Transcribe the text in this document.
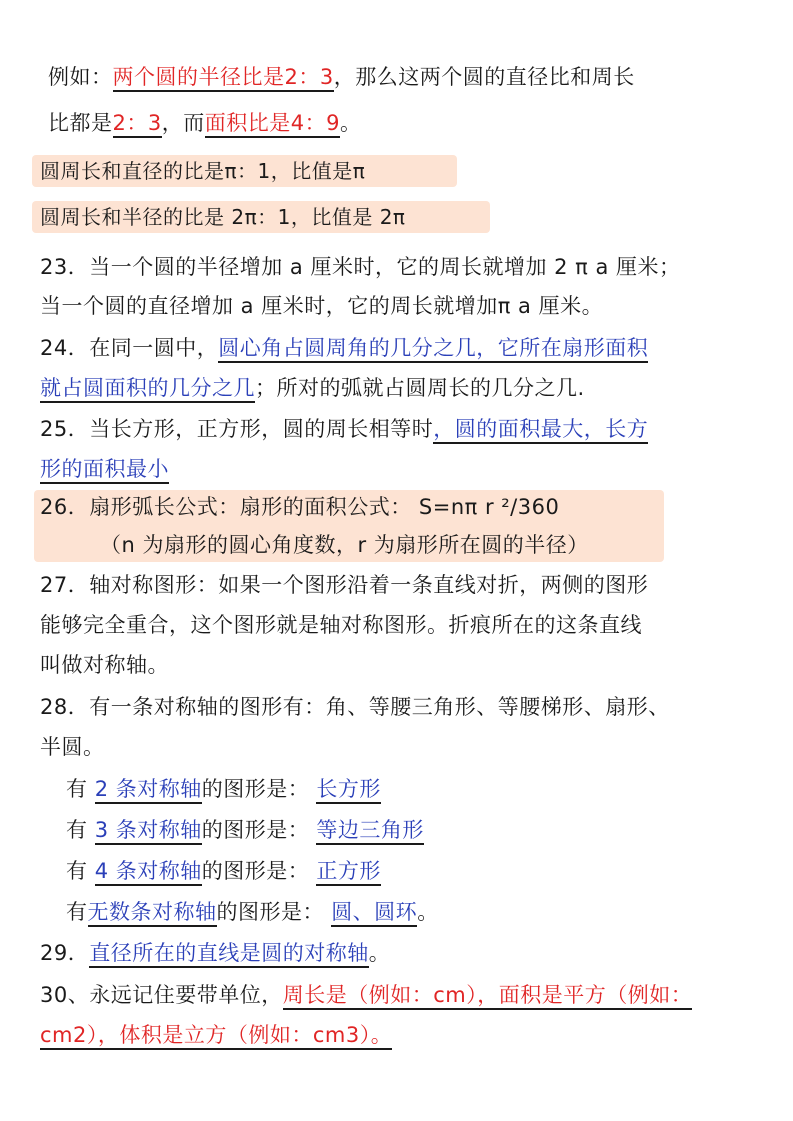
例如：两个圆的半径比是2：3，那么这两个圆的直径比和周长
比都是2：3，而面积比是4：9。
圆周长和直径的比是π：1，比值是π
圆周长和半径的比是 2π：1，比值是 2π
23．当一个圆的半径增加 a 厘米时，它的周长就增加 2 π a 厘米；
当一个圆的直径增加 a 厘米时，它的周长就增加π a 厘米。
24．在同一圆中，圆心角占圆周角的几分之几，它所在扇形面积
就占圆面积的几分之几；所对的弧就占圆周长的几分之几.
25．当长方形，正方形，圆的周长相等时，圆的面积最大，长方
形的面积最小
26．扇形弧长公式：扇形的面积公式： S=nπ r ²/360
（n 为扇形的圆心角度数，r 为扇形所在圆的半径）
27．轴对称图形：如果一个图形沿着一条直线对折，两侧的图形
能够完全重合，这个图形就是轴对称图形。折痕所在的这条直线
叫做对称轴。
28．有一条对称轴的图形有：角、等腰三角形、等腰梯形、扇形、
半圆。
有 2 条对称轴的图形是： 长方形
有 3 条对称轴的图形是： 等边三角形
有 4 条对称轴的图形是： 正方形
有无数条对称轴的图形是： 圆、圆环。
29．直径所在的直线是圆的对称轴。
30、永远记住要带单位，周长是（例如：cm），面积是平方（例如：
cm2），体积是立方（例如：cm3）。
